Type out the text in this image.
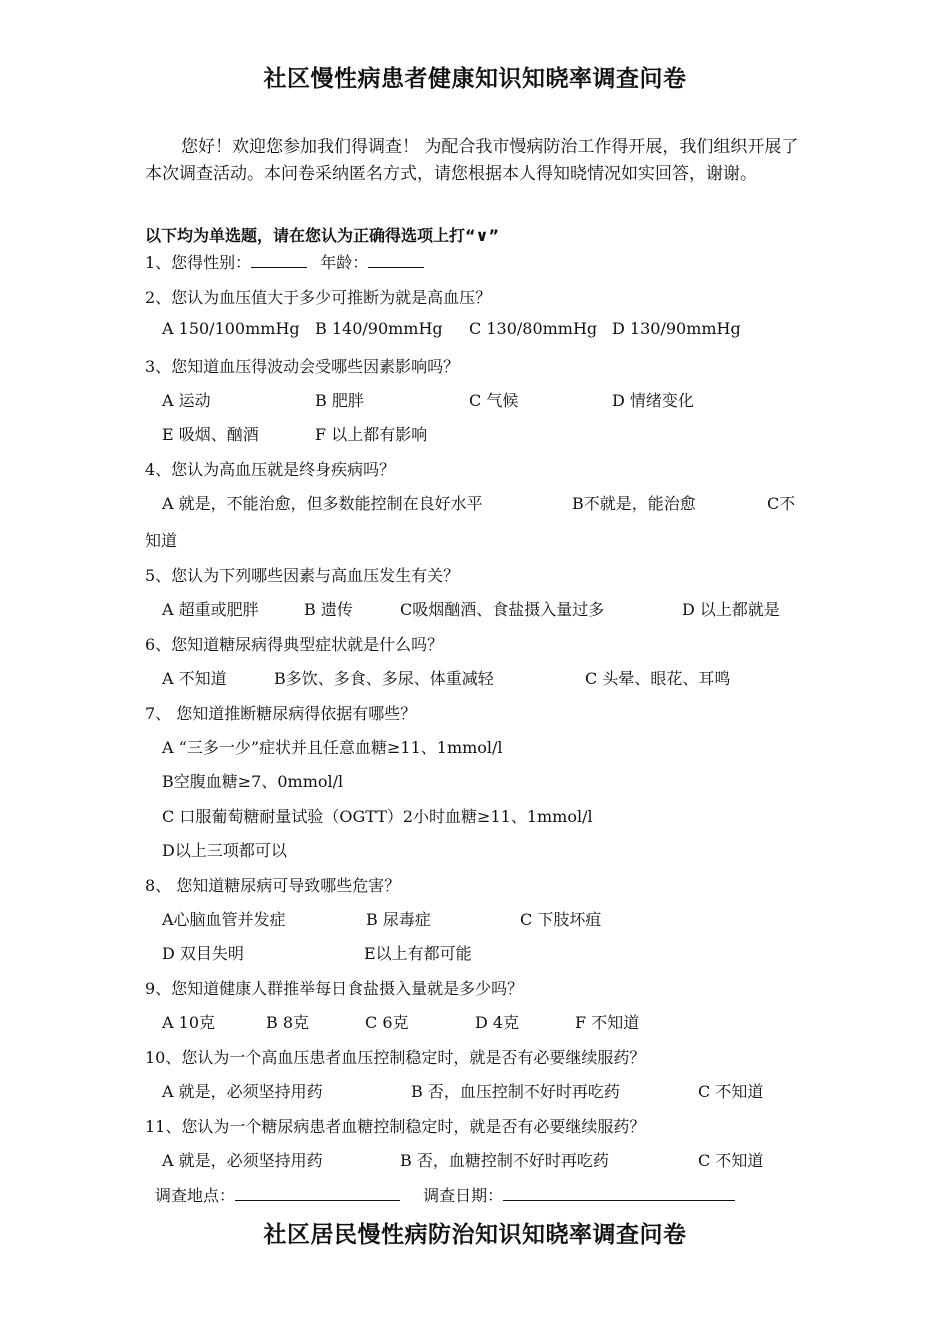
社区慢性病患者健康知识知晓率调查问卷
您好！欢迎您参加我们得调查！ 为配合我市慢病防治工作得开展，我们组织开展了本次调查活动。本问卷采纳匿名方式，请您根据本人得知晓情况如实回答，谢谢。
以下均为单选题，请在您认为正确得选项上打“∨”
1、您得性别：	年龄：
2、您认为血压值大于多少可推断为就是高血压？
A 150/100mmHg B 140/90mmHg C 130/80mmHg D 130/90mmHg
3、您知道血压得波动会受哪些因素影响吗？
A 运动	B 肥胖	C 气候	D 情绪变化
E 吸烟、酗酒	F 以上都有影响
4、您认为高血压就是终身疾病吗？
A 就是，不能治愈，但多数能控制在良好水平	B不就是，能治愈	C不
知道
5、您认为下列哪些因素与高血压发生有关？
A 超重或肥胖	B 遗传	C吸烟酗酒、食盐摄入量过多	D 以上都就是
6、您知道糖尿病得典型症状就是什么吗？
A 不知道	B多饮、多食、多尿、体重减轻	C 头晕、眼花、耳鸣
7、 您知道推断糖尿病得依据有哪些？
A “三多一少”症状并且任意血糖≥11、1mmol/l
B空腹血糖≥7、0mmol/l
C 口服葡萄糖耐量试验（OGTT）2小时血糖≥11、1mmol/l
D以上三项都可以
8、 您知道糖尿病可导致哪些危害？
A心脑血管并发症	B 尿毒症	C 下肢坏疽
D 双目失明	E以上有都可能
9、您知道健康人群推举每日食盐摄入量就是多少吗？
A 10克	B 8克	C 6克	D 4克	F 不知道
10、您认为一个高血压患者血压控制稳定时，就是否有必要继续服药？
A 就是，必须坚持用药	B 否，血压控制不好时再吃药	C 不知道
11、您认为一个糖尿病患者血糖控制稳定时，就是否有必要继续服药？
A 就是，必须坚持用药	B 否，血糖控制不好时再吃药	C 不知道
调查地点：	调查日期：
社区居民慢性病防治知识知晓率调查问卷
